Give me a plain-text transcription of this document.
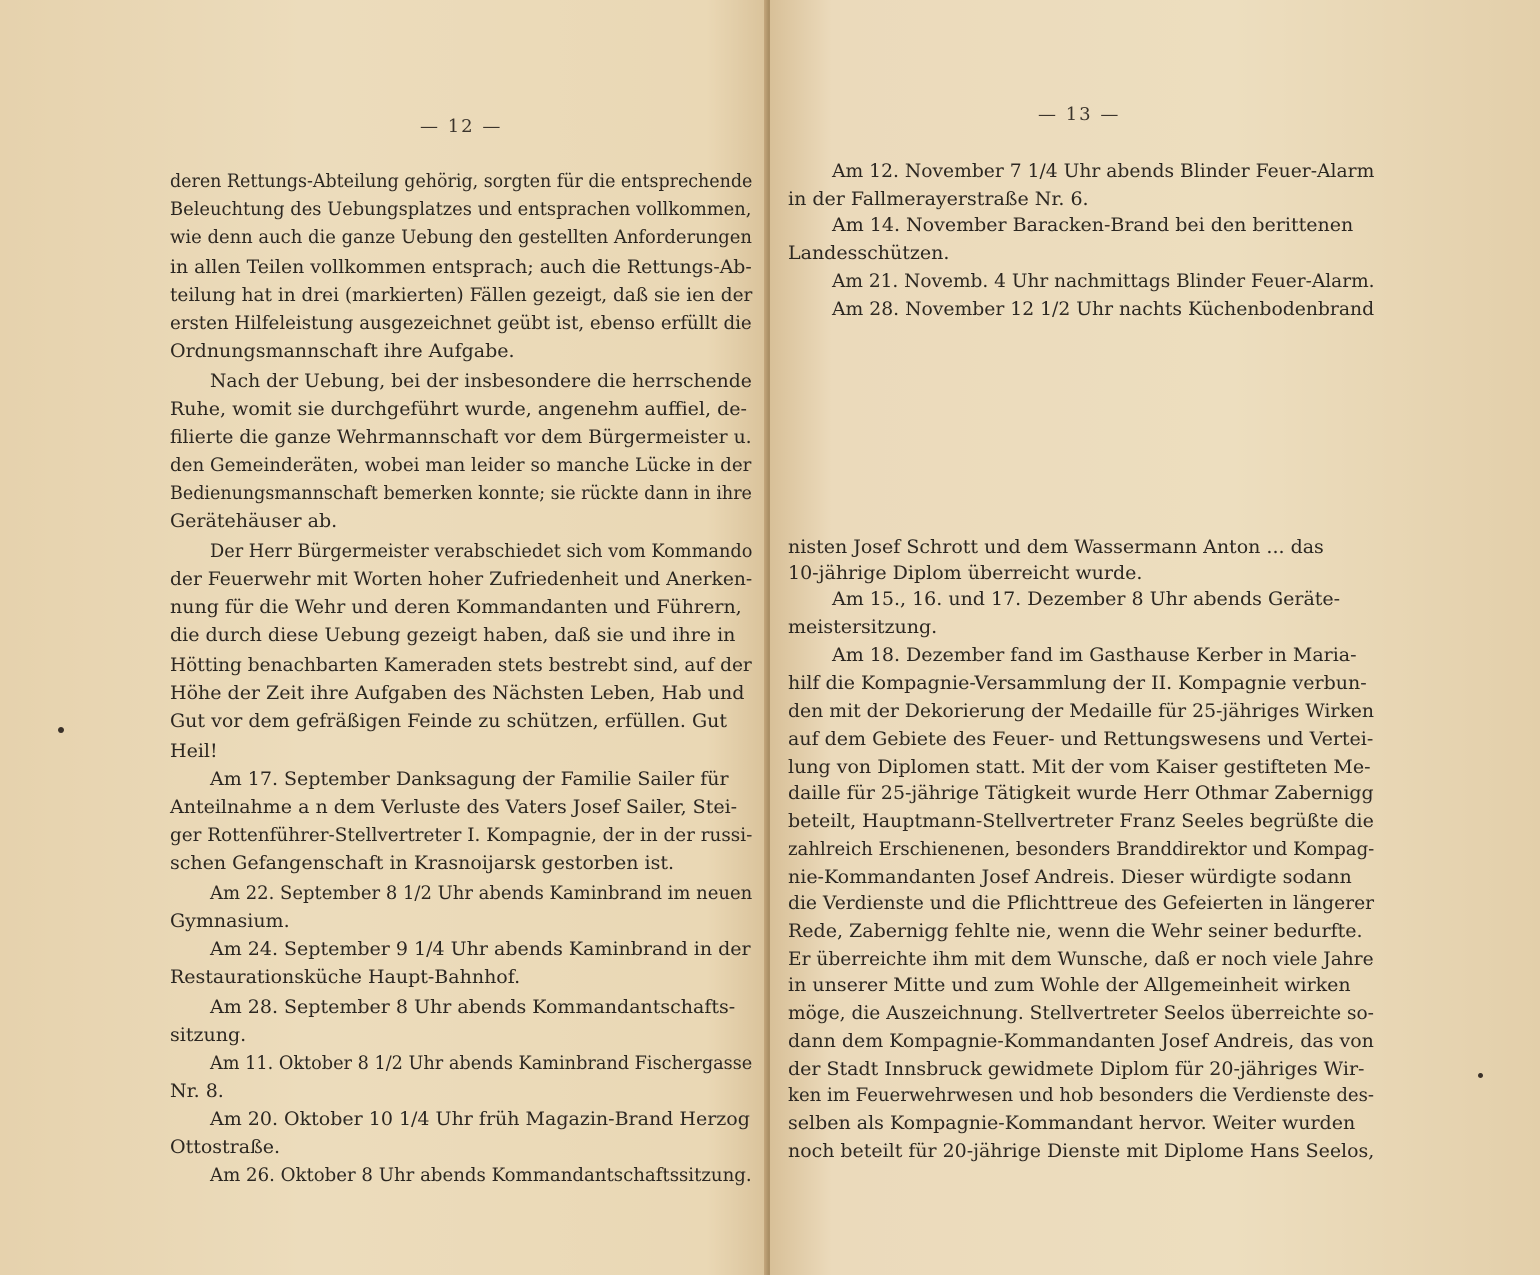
— 12 —
deren Rettungs-Abteilung gehörig, sorgten für die entsprechende
Beleuchtung des Uebungsplatzes und entsprachen vollkommen,
wie denn auch die ganze Uebung den gestellten Anforderungen
in allen Teilen vollkommen entsprach; auch die Rettungs-Ab-
teilung hat in drei (markierten) Fällen gezeigt, daß sie ien der
ersten Hilfeleistung ausgezeichnet geübt ist, ebenso erfüllt die
Ordnungsmannschaft ihre Aufgabe.
Nach der Uebung, bei der insbesondere die herrschende
Ruhe, womit sie durchgeführt wurde, angenehm auffiel, de-
filierte die ganze Wehrmannschaft vor dem Bürgermeister u.
den Gemeinderäten, wobei man leider so manche Lücke in der
Bedienungsmannschaft bemerken konnte; sie rückte dann in ihre
Gerätehäuser ab.
Der Herr Bürgermeister verabschiedet sich vom Kommando
der Feuerwehr mit Worten hoher Zufriedenheit und Anerken-
nung für die Wehr und deren Kommandanten und Führern,
die durch diese Uebung gezeigt haben, daß sie und ihre in
Hötting benachbarten Kameraden stets bestrebt sind, auf der
Höhe der Zeit ihre Aufgaben des Nächsten Leben, Hab und
Gut vor dem gefräßigen Feinde zu schützen, erfüllen. Gut
Heil!
Am 17. September Danksagung der Familie Sailer für
Anteilnahme a n dem Verluste des Vaters Josef Sailer, Stei-
ger Rottenführer-Stellvertreter I. Kompagnie, der in der russi-
schen Gefangenschaft in Krasnoijarsk gestorben ist.
Am 22. September 8 1/2 Uhr abends Kaminbrand im neuen
Gymnasium.
Am 24. September 9 1/4 Uhr abends Kaminbrand in der
Restaurationsküche Haupt-Bahnhof.
Am 28. September 8 Uhr abends Kommandantschafts-
sitzung.
Am 11. Oktober 8 1/2 Uhr abends Kaminbrand Fischergasse
Nr. 8.
Am 20. Oktober 10 1/4 Uhr früh Magazin-Brand Herzog
Ottostraße.
Am 26. Oktober 8 Uhr abends Kommandantschaftssitzung.
— 13 —
Am 12. November 7 1/4 Uhr abends Blinder Feuer-Alarm
in der Fallmerayerstraße Nr. 6.
Am 14. November Baracken-Brand bei den berittenen
Landesschützen.
Am 21. Novemb. 4 Uhr nachmittags Blinder Feuer-Alarm.
Am 28. November 12 1/2 Uhr nachts Küchenbodenbrand
nisten Josef Schrott und dem Wassermann Anton ... das
10-jährige Diplom überreicht wurde.
Am 15., 16. und 17. Dezember 8 Uhr abends Geräte-
meistersitzung.
Am 18. Dezember fand im Gasthause Kerber in Maria-
hilf die Kompagnie-Versammlung der II. Kompagnie verbun-
den mit der Dekorierung der Medaille für 25-jähriges Wirken
auf dem Gebiete des Feuer- und Rettungswesens und Vertei-
lung von Diplomen statt. Mit der vom Kaiser gestifteten Me-
daille für 25-jährige Tätigkeit wurde Herr Othmar Zabernigg
beteilt, Hauptmann-Stellvertreter Franz Seeles begrüßte die
zahlreich Erschienenen, besonders Branddirektor und Kompag-
nie-Kommandanten Josef Andreis. Dieser würdigte sodann
die Verdienste und die Pflichttreue des Gefeierten in längerer
Rede, Zabernigg fehlte nie, wenn die Wehr seiner bedurfte.
Er überreichte ihm mit dem Wunsche, daß er noch viele Jahre
in unserer Mitte und zum Wohle der Allgemeinheit wirken
möge, die Auszeichnung. Stellvertreter Seelos überreichte so-
dann dem Kompagnie-Kommandanten Josef Andreis, das von
der Stadt Innsbruck gewidmete Diplom für 20-jähriges Wir-
ken im Feuerwehrwesen und hob besonders die Verdienste des-
selben als Kompagnie-Kommandant hervor. Weiter wurden
noch beteilt für 20-jährige Dienste mit Diplome Hans Seelos,
